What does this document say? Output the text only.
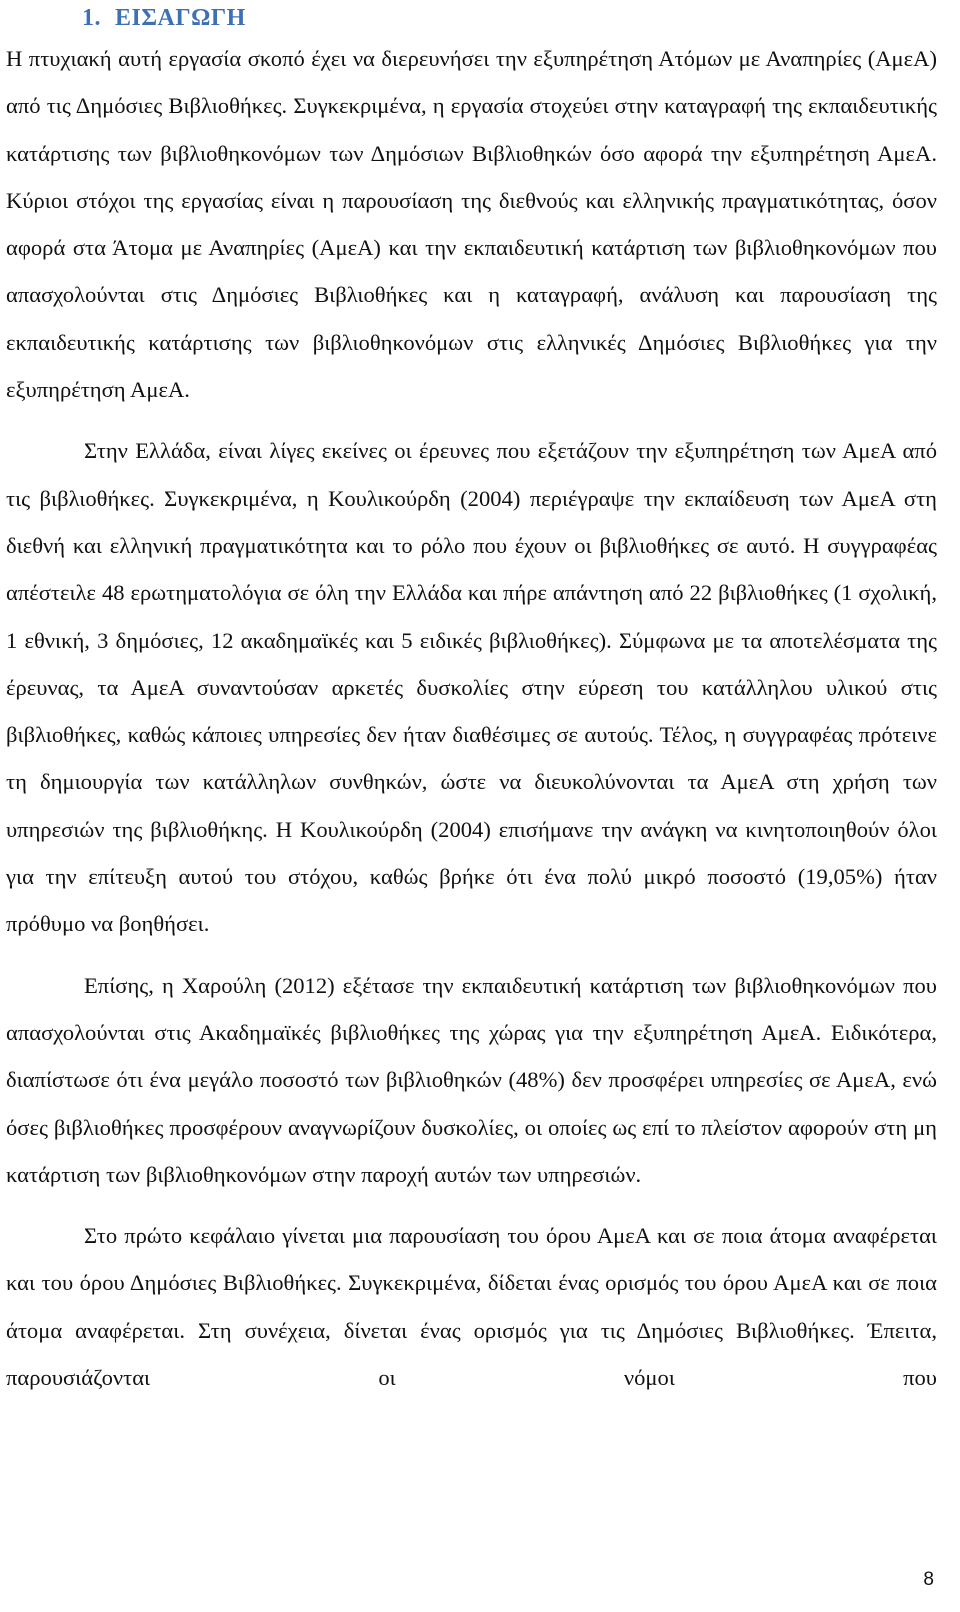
1. ΕΙΣΑΓΩΓΗ

Η πτυχιακή αυτή εργασία σκοπό έχει να διερευνήσει την εξυπηρέτηση Ατόμων με Αναπηρίες (ΑμεΑ) από τις Δημόσιες Βιβλιοθήκες. Συγκεκριμένα, η εργασία στοχεύει στην καταγραφή της εκπαιδευτικής κατάρτισης των βιβλιοθηκονόμων των Δημόσιων Βιβλιοθηκών όσο αφορά την εξυπηρέτηση ΑμεΑ. Κύριοι στόχοι της εργασίας είναι η παρουσίαση της διεθνούς και ελληνικής πραγματικότητας, όσον αφορά στα Άτομα με Αναπηρίες (ΑμεΑ) και την εκπαιδευτική κατάρτιση των βιβλιοθηκονόμων που απασχολούνται στις Δημόσιες Βιβλιοθήκες και η καταγραφή, ανάλυση και παρουσίαση της εκπαιδευτικής κατάρτισης των βιβλιοθηκονόμων στις ελληνικές Δημόσιες Βιβλιοθήκες για την εξυπηρέτηση ΑμεΑ.

Στην Ελλάδα, είναι λίγες εκείνες οι έρευνες που εξετάζουν την εξυπηρέτηση των ΑμεΑ από τις βιβλιοθήκες. Συγκεκριμένα, η Κουλικούρδη (2004) περιέγραψε την εκπαίδευση των ΑμεΑ στη διεθνή και ελληνική πραγματικότητα και το ρόλο που έχουν οι βιβλιοθήκες σε αυτό. Η συγγραφέας απέστειλε 48 ερωτηματολόγια σε όλη την Ελλάδα και πήρε απάντηση από 22 βιβλιοθήκες (1 σχολική, 1 εθνική, 3 δημόσιες, 12 ακαδημαϊκές και 5 ειδικές βιβλιοθήκες). Σύμφωνα με τα αποτελέσματα της έρευνας, τα ΑμεΑ συναντούσαν αρκετές δυσκολίες στην εύρεση του κατάλληλου υλικού στις βιβλιοθήκες, καθώς κάποιες υπηρεσίες δεν ήταν διαθέσιμες σε αυτούς. Τέλος, η συγγραφέας πρότεινε τη δημιουργία των κατάλληλων συνθηκών, ώστε να διευκολύνονται τα ΑμεΑ στη χρήση των υπηρεσιών της βιβλιοθήκης. Η Κουλικούρδη (2004) επισήμανε την ανάγκη να κινητοποιηθούν όλοι για την επίτευξη αυτού του στόχου, καθώς βρήκε ότι ένα πολύ μικρό ποσοστό (19,05%) ήταν πρόθυμο να βοηθήσει.

Επίσης, η Χαρούλη (2012) εξέτασε την εκπαιδευτική κατάρτιση των βιβλιοθηκονόμων που απασχολούνται στις Ακαδημαϊκές βιβλιοθήκες της χώρας για την εξυπηρέτηση ΑμεΑ. Ειδικότερα, διαπίστωσε ότι ένα μεγάλο ποσοστό των βιβλιοθηκών (48%) δεν προσφέρει υπηρεσίες σε ΑμεΑ, ενώ όσες βιβλιοθήκες προσφέρουν αναγνωρίζουν δυσκολίες, οι οποίες ως επί το πλείστον αφορούν στη μη κατάρτιση των βιβλιοθηκονόμων στην παροχή αυτών των υπηρεσιών.

Στο πρώτο κεφάλαιο γίνεται μια παρουσίαση του όρου ΑμεΑ και σε ποια άτομα αναφέρεται και του όρου Δημόσιες Βιβλιοθήκες. Συγκεκριμένα, δίδεται ένας ορισμός του όρου ΑμεΑ και σε ποια άτομα αναφέρεται. Στη συνέχεια, δίνεται ένας ορισμός για τις Δημόσιες Βιβλιοθήκες. Έπειτα, παρουσιάζονται οι νόμοι που

8
